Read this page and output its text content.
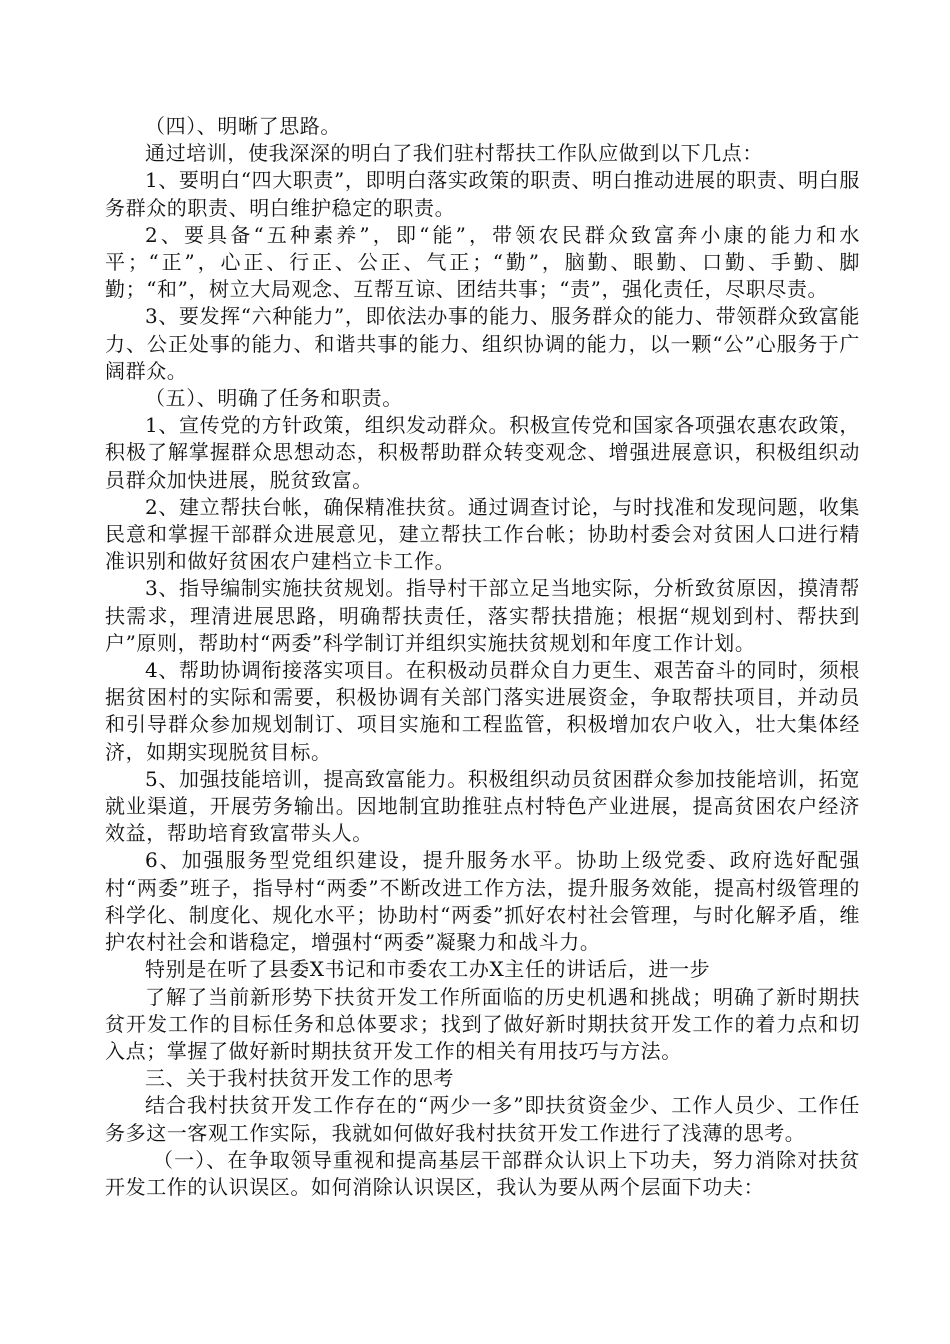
（四）、明晰了思路。

通过培训，使我深深的明白了我们驻村帮扶工作队应做到以下几点：

1、要明白“四大职责”，即明白落实政策的职责、明白推动进展的职责、明白服务群众的职责、明白维护稳定的职责。

2、要具备“五种素养”，即“能”，带领农民群众致富奔小康的能力和水平；“正”，心正、行正、公正、气正；“勤”，脑勤、眼勤、口勤、手勤、脚勤；“和”，树立大局观念、互帮互谅、团结共事；“责”，强化责任，尽职尽责。

3、要发挥“六种能力”，即依法办事的能力、服务群众的能力、带领群众致富能力、公正处事的能力、和谐共事的能力、组织协调的能力，以一颗“公”心服务于广阔群众。

（五）、明确了任务和职责。

1、宣传党的方针政策，组织发动群众。积极宣传党和国家各项强农惠农政策，积极了解掌握群众思想动态，积极帮助群众转变观念、增强进展意识，积极组织动员群众加快进展，脱贫致富。

2、建立帮扶台帐，确保精准扶贫。通过调查讨论，与时找准和发现问题，收集民意和掌握干部群众进展意见，建立帮扶工作台帐；协助村委会对贫困人口进行精准识别和做好贫困农户建档立卡工作。

3、指导编制实施扶贫规划。指导村干部立足当地实际，分析致贫原因，摸清帮扶需求，理清进展思路，明确帮扶责任，落实帮扶措施；根据“规划到村、帮扶到户”原则，帮助村“两委”科学制订并组织实施扶贫规划和年度工作计划。

4、帮助协调衔接落实项目。在积极动员群众自力更生、艰苦奋斗的同时，须根据贫困村的实际和需要，积极协调有关部门落实进展资金，争取帮扶项目，并动员和引导群众参加规划制订、项目实施和工程监管，积极增加农户收入，壮大集体经济，如期实现脱贫目标。

5、加强技能培训，提高致富能力。积极组织动员贫困群众参加技能培训，拓宽就业渠道，开展劳务输出。因地制宜助推驻点村特色产业进展，提高贫困农户经济效益，帮助培育致富带头人。

6、加强服务型党组织建设，提升服务水平。协助上级党委、政府选好配强村“两委”班子，指导村“两委”不断改进工作方法，提升服务效能，提高村级管理的科学化、制度化、规化水平；协助村“两委”抓好农村社会管理，与时化解矛盾，维护农村社会和谐稳定，增强村“两委”凝聚力和战斗力。

特别是在听了县委X书记和市委农工办X主任的讲话后，进一步

了解了当前新形势下扶贫开发工作所面临的历史机遇和挑战；明确了新时期扶贫开发工作的目标任务和总体要求；找到了做好新时期扶贫开发工作的着力点和切入点；掌握了做好新时期扶贫开发工作的相关有用技巧与方法。

三、关于我村扶贫开发工作的思考

结合我村扶贫开发工作存在的“两少一多”即扶贫资金少、工作人员少、工作任务多这一客观工作实际，我就如何做好我村扶贫开发工作进行了浅薄的思考。

（一）、在争取领导重视和提高基层干部群众认识上下功夫，努力消除对扶贫开发工作的认识误区。如何消除认识误区，我认为要从两个层面下功夫：
